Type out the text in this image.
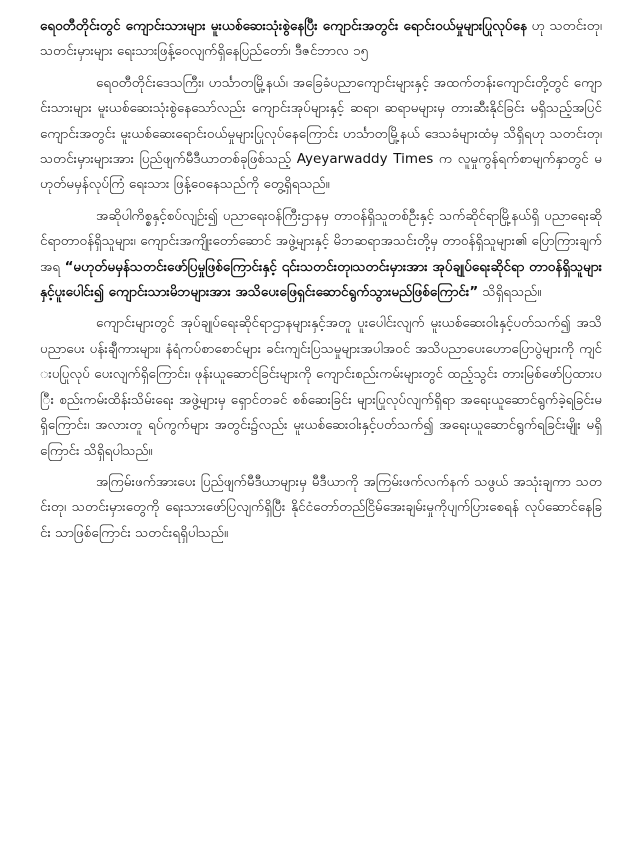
ရေဝတီတိုင်းတွင် ကျောင်းသားများ မူးယစ်ဆေးသုံးစွဲနေပြီး ကျောင်းအတွင်း ရောင်းဝယ်မှုများပြုလုပ်နေ ဟု သတင်းတု၊ သတင်းမှားများ ရေးသားဖြန့်ဝေလျက်ရှိနေပြည်တော်၊ ဒီဇင်ဘာလ ၁၅

ရေဝတီတိုင်းဒေသကြီး၊ ဟင်္သာတမြို့နယ်၊ အခြေခံပညာကျောင်းများနှင့် အထက်တန်းကျောင်းတို့တွင် ကျောင်းသားများ မူးယစ်ဆေးသုံးစွဲနေသော်လည်း ကျောင်းအုပ်များနှင့် ဆရာ၊ ဆရာမများမှ တားဆီးနိုင်ခြင်း မရှိသည့်အပြင် ကျောင်းအတွင်း မူးယစ်ဆေးရောင်းဝယ်မှုများပြုလုပ်နေကြောင်း ဟင်္သာတမြို့နယ် ဒေသခံများထံမှ သိရှိရဟု သတင်းတု၊ သတင်းမှားများအား ပြည်ဖျက်မီဒီယာတစ်ခုဖြစ်သည့် Ayeyarwaddy Times က လူမှုကွန်ရက်စာမျက်နှာတွင် မဟုတ်မမှန်လုပ်ကြံ ရေးသား ဖြန့်ဝေနေသည်ကို တွေ့ရှိရသည်။

အဆိုပါကိစ္စနှင့်စပ်လျဉ်း၍ ပညာရေးဝန်ကြီးဌာနမှ တာဝန်ရှိသူတစ်ဦးနှင့် သက်ဆိုင်ရာမြို့နယ်ရှိ ပညာရေးဆိုင်ရာတာဝန်ရှိသူများ၊ ကျောင်းအကျိုးတော်ဆောင် အဖွဲ့များနှင့် မိဘဆရာအသင်းတို့မှ တာဝန်ရှိသူများ၏ ပြောကြားချက်အရ “မဟုတ်မမှန်သတင်းဖော်ပြမှုဖြစ်ကြောင်းနှင့် ၎င်းသတင်းတု၊သတင်းမှားအား အုပ်ချုပ်ရေးဆိုင်ရာ တာဝန်ရှိသူများနှင့်ပူးပေါင်း၍ ကျောင်းသားမိဘများအား အသိပေးဖြေရှင်းဆောင်ရွက်သွားမည်ဖြစ်ကြောင်း” သိရှိရသည်။

ကျောင်းများတွင် အုပ်ချုပ်ရေးဆိုင်ရာဌာနများနှင့်အတူ ပူးပေါင်းလျက် မူးယစ်ဆေးဝါးနှင့်ပတ်သက်၍ အသိပညာပေး ပန်းချီကားများ၊ နံရံကပ်စာစောင်များ ခင်းကျင်းပြသမှုများအပါအဝင် အသိပညာပေးဟောပြောပွဲများကို ကျင်းပပြုလုပ် ပေးလျက်ရှိကြောင်း၊ ဖုန်းယူဆောင်ခြင်းများကို ကျောင်းစည်းကမ်းများတွင် ထည့်သွင်း တားမြစ်ဖော်ပြထားပြီး စည်းကမ်းထိန်းသိမ်းရေး အဖွဲ့များမှ ရှောင်တခင် စစ်ဆေးခြင်း များပြုလုပ်လျက်ရှိရာ အရေးယူဆောင်ရွက်ခဲ့ရခြင်းမရှိကြောင်း၊ အလားတူ ရပ်ကွက်များ အတွင်း၌လည်း မူးယစ်ဆေးဝါးနှင့်ပတ်သက်၍ အရေးယူဆောင်ရွက်ရခြင်းမျိုး မရှိကြောင်း သိရှိရပါသည်။

အကြမ်းဖက်အားပေး ပြည်ဖျက်မီဒီယာများမှ မီဒီယာကို အကြမ်းဖက်လက်နက် သဖွယ် အသုံးချကာ သတင်းတု၊ သတင်းမှားတွေကို ရေးသားဖော်ပြလျက်ရှိပြီး နိုင်ငံတော်တည်ငြိမ်အေးချမ်းမှုကိုပျက်ပြားစေရန် လုပ်ဆောင်နေခြင်း သာဖြစ်ကြောင်း သတင်းရရှိပါသည်။
